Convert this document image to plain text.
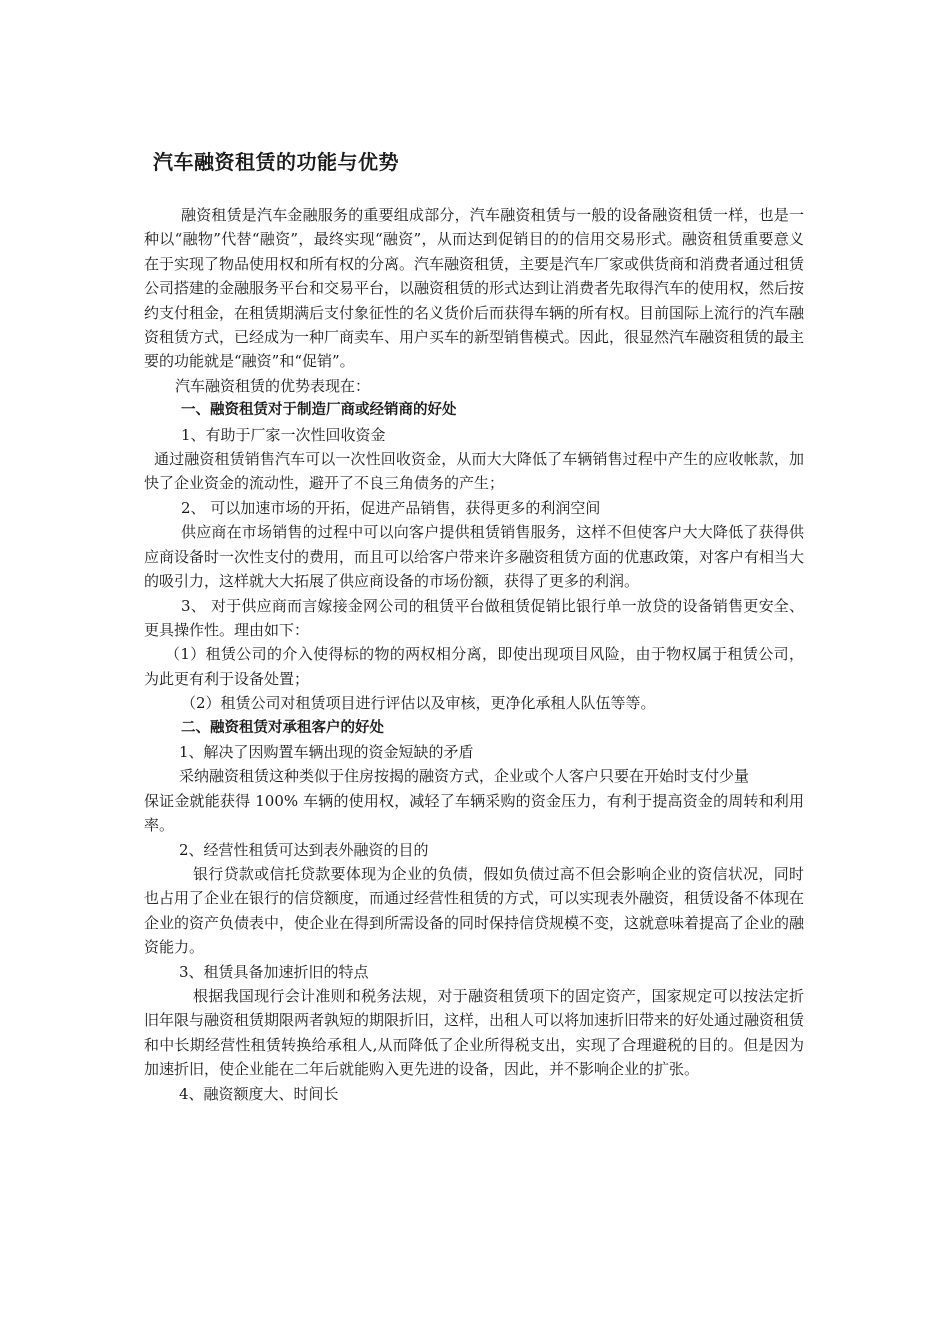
汽车融资租赁的功能与优势

融资租赁是汽车金融服务的重要组成部分，汽车融资租赁与一般的设备融资租赁一样，也是一种以“融物”代替“融资”，最终实现“融资”，从而达到促销目的的信用交易形式。融资租赁重要意义在于实现了物品使用权和所有权的分离。汽车融资租赁，主要是汽车厂家或供货商和消费者通过租赁公司搭建的金融服务平台和交易平台，以融资租赁的形式达到让消费者先取得汽车的使用权，然后按约支付租金，在租赁期满后支付象征性的名义货价后而获得车辆的所有权。目前国际上流行的汽车融资租赁方式，已经成为一种厂商卖车、用户买车的新型销售模式。因此，很显然汽车融资租赁的最主要的功能就是“融资”和“促销”。

汽车融资租赁的优势表现在：

一、融资租赁对于制造厂商或经销商的好处

1、有助于厂家一次性回收资金

通过融资租赁销售汽车可以一次性回收资金，从而大大降低了车辆销售过程中产生的应收帐款，加快了企业资金的流动性，避开了不良三角债务的产生；

2、 可以加速市场的开拓，促进产品销售，获得更多的利润空间

供应商在市场销售的过程中可以向客户提供租赁销售服务，这样不但使客户大大降低了获得供应商设备时一次性支付的费用，而且可以给客户带来许多融资租赁方面的优惠政策，对客户有相当大的吸引力，这样就大大拓展了供应商设备的市场份额，获得了更多的利润。

3、 对于供应商而言嫁接金网公司的租赁平台做租赁促销比银行单一放贷的设备销售更安全、更具操作性。理由如下：

（1）租赁公司的介入使得标的物的两权相分离，即使出现项目风险，由于物权属于租赁公司，为此更有利于设备处置；

（2）租赁公司对租赁项目进行评估以及审核，更净化承租人队伍等等。

二、融资租赁对承租客户的好处

1、解决了因购置车辆出现的资金短缺的矛盾

采纳融资租赁这种类似于住房按揭的融资方式，企业或个人客户只要在开始时支付少量

保证金就能获得 100% 车辆的使用权，减轻了车辆采购的资金压力，有利于提高资金的周转和利用率。

2、经营性租赁可达到表外融资的目的

银行贷款或信托贷款要体现为企业的负债，假如负债过高不但会影响企业的资信状况，同时也占用了企业在银行的信贷额度，而通过经营性租赁的方式，可以实现表外融资，租赁设备不体现在企业的资产负债表中，使企业在得到所需设备的同时保持信贷规模不变，这就意味着提高了企业的融资能力。

3、租赁具备加速折旧的特点

根据我国现行会计准则和税务法规，对于融资租赁项下的固定资产，国家规定可以按法定折旧年限与融资租赁期限两者孰短的期限折旧，这样，出租人可以将加速折旧带来的好处通过融资租赁和中长期经营性租赁转换给承租人,从而降低了企业所得税支出，实现了合理避税的目的。但是因为加速折旧，使企业能在二年后就能购入更先进的设备，因此，并不影响企业的扩张。

4、融资额度大、时间长
